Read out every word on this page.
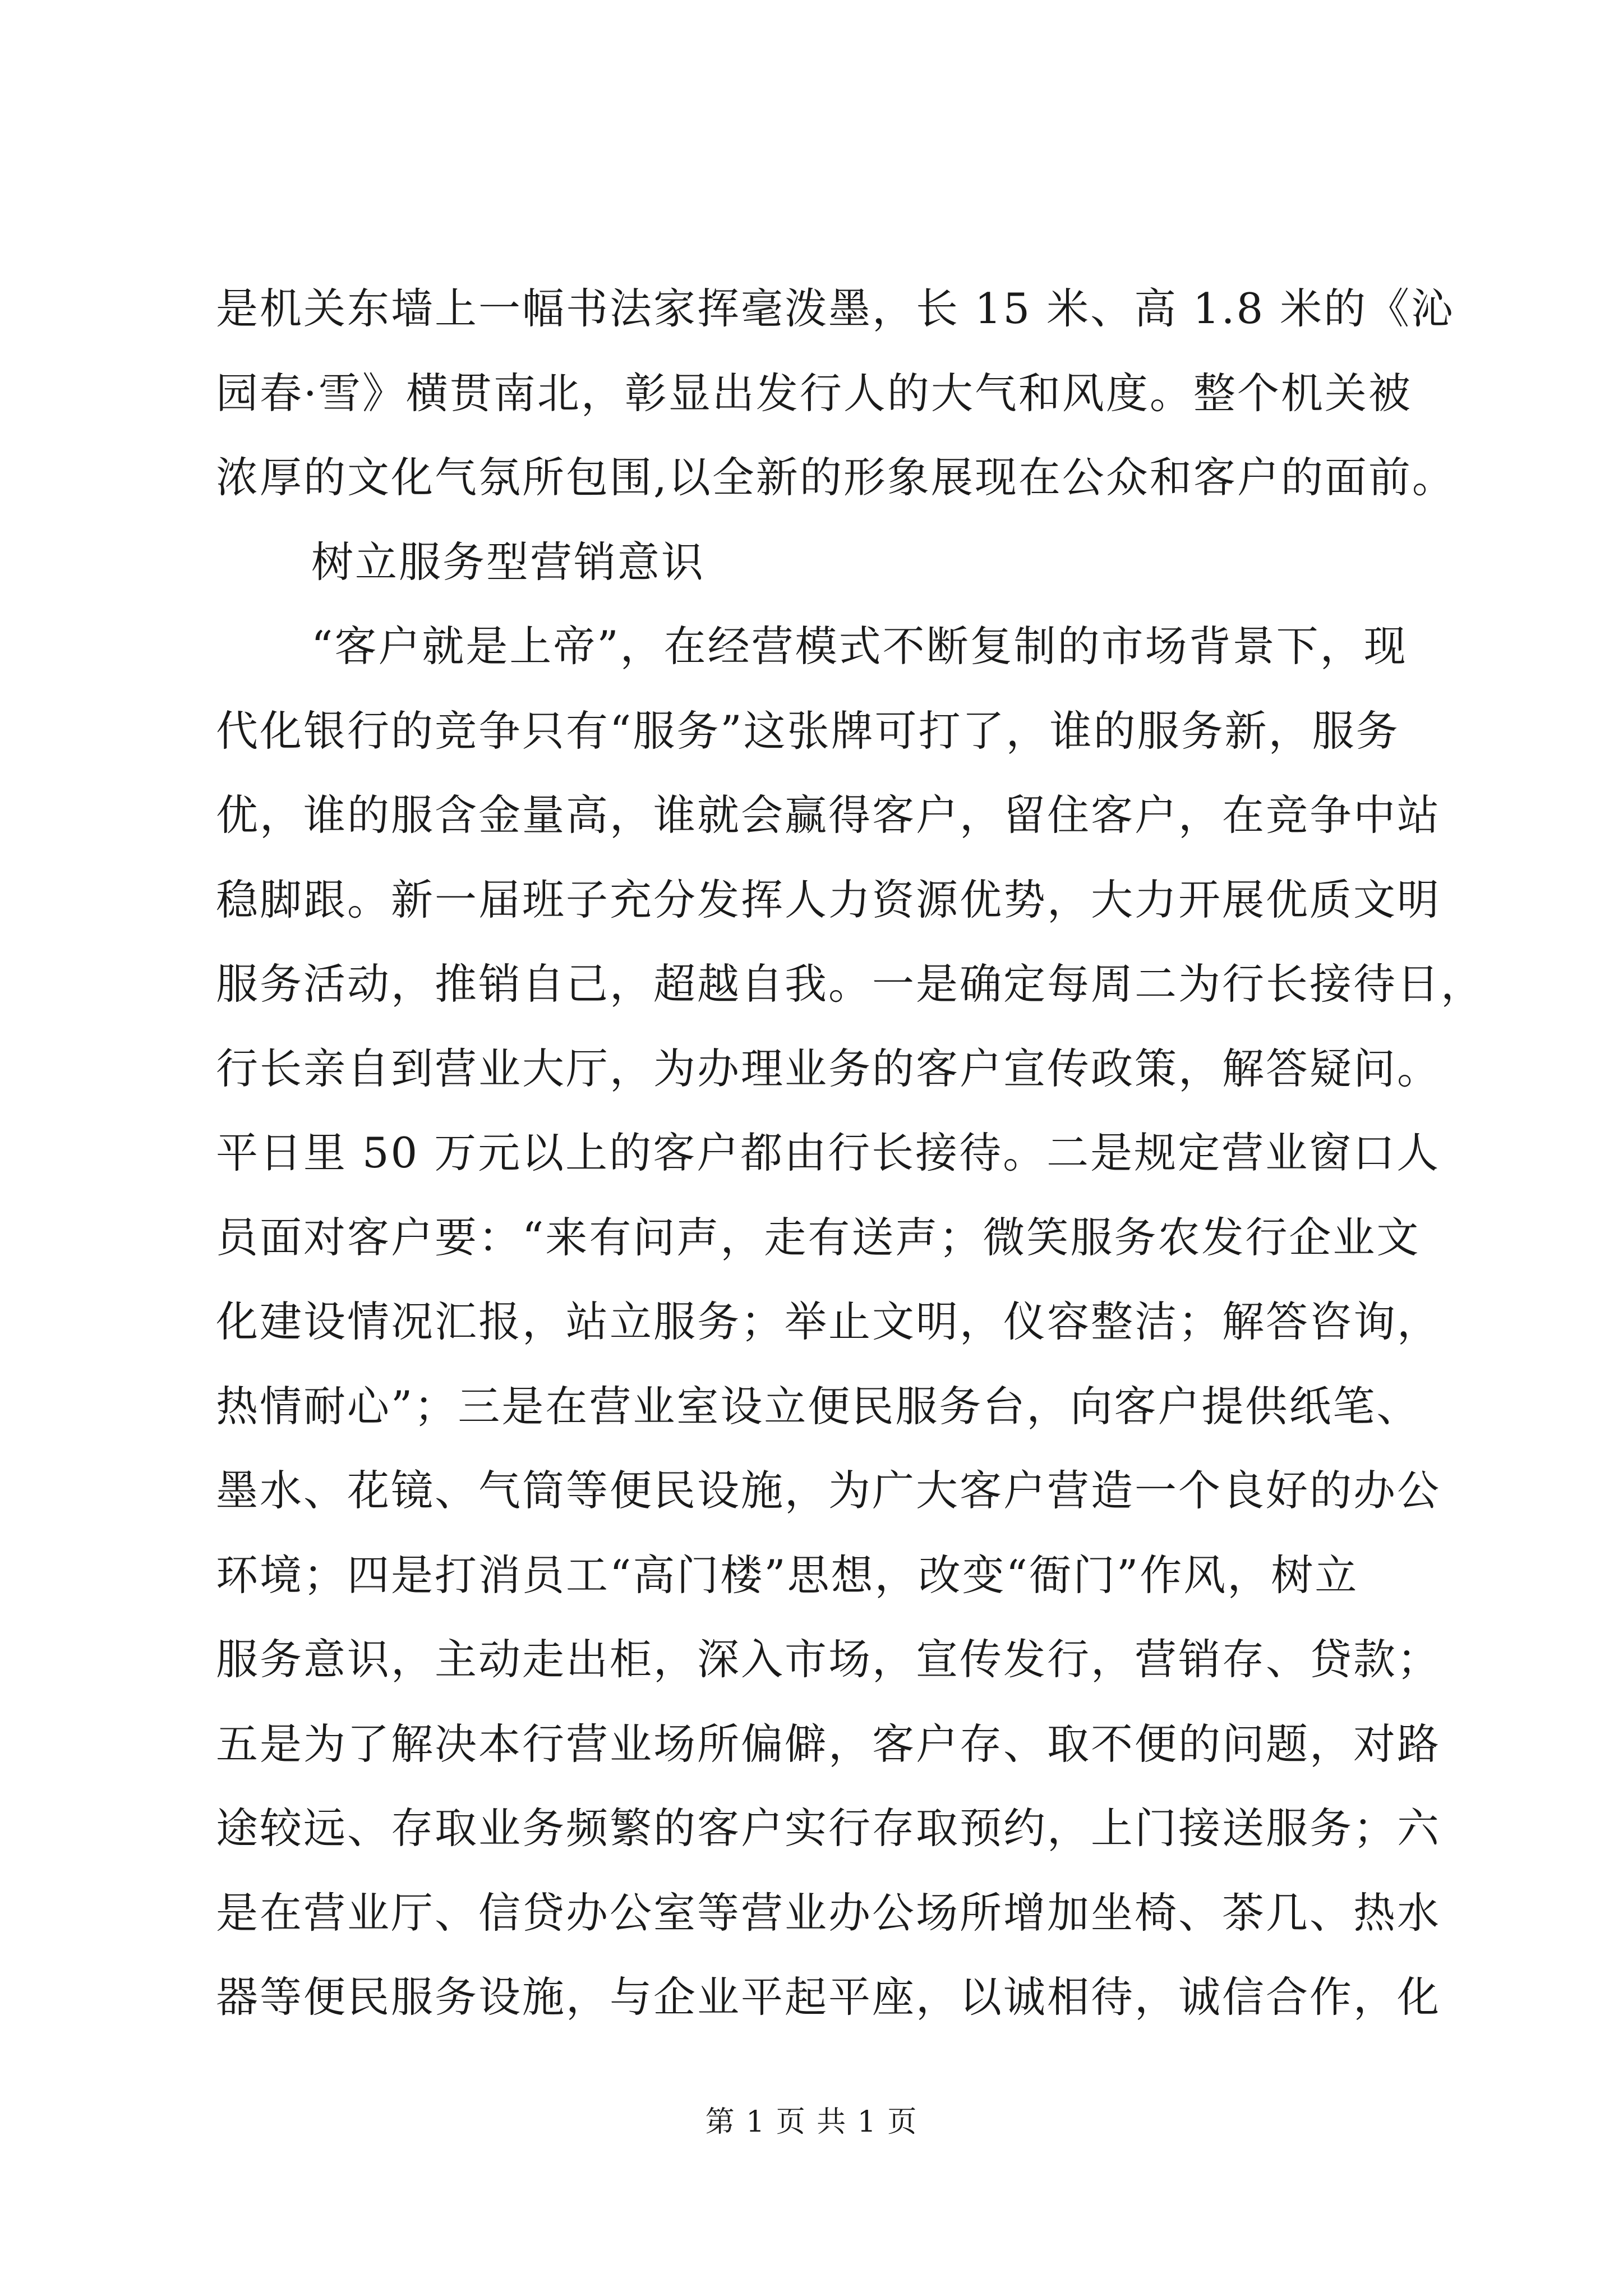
是机关东墙上一幅书法家挥毫泼墨，长 15 米、高 1.8 米的《沁
园春·雪》横贯南北，彰显出发行人的大气和风度。整个机关被
浓厚的文化气氛所包围,以全新的形象展现在公众和客户的面前。
树立服务型营销意识
“客户就是上帝”，在经营模式不断复制的市场背景下，现
代化银行的竞争只有“服务”这张牌可打了，谁的服务新，服务
优，谁的服含金量高，谁就会赢得客户，留住客户，在竞争中站
稳脚跟。新一届班子充分发挥人力资源优势，大力开展优质文明
服务活动，推销自己，超越自我。一是确定每周二为行长接待日，
行长亲自到营业大厅，为办理业务的客户宣传政策，解答疑问。
平日里 50 万元以上的客户都由行长接待。二是规定营业窗口人
员面对客户要：“来有问声，走有送声；微笑服务农发行企业文
化建设情况汇报，站立服务；举止文明，仪容整洁；解答咨询，
热情耐心”；三是在营业室设立便民服务台，向客户提供纸笔、
墨水、花镜、气筒等便民设施，为广大客户营造一个良好的办公
环境；四是打消员工“高门楼”思想，改变“衙门”作风，树立
服务意识，主动走出柜，深入市场，宣传发行，营销存、贷款；
五是为了解决本行营业场所偏僻，客户存、取不便的问题，对路
途较远、存取业务频繁的客户实行存取预约，上门接送服务；六
是在营业厅、信贷办公室等营业办公场所增加坐椅、茶几、热水
器等便民服务设施，与企业平起平座，以诚相待，诚信合作，化
第 1 页 共 1 页
